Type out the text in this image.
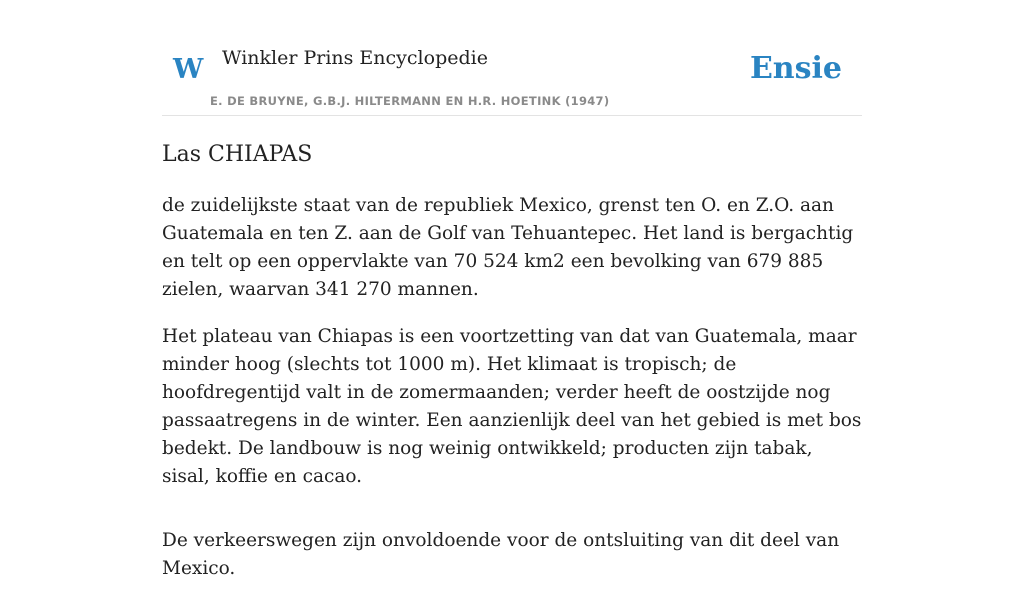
W Winkler Prins Encyclopedie
E. DE BRUYNE, G.B.J. HILTERMANN EN H.R. HOETINK (1947)
Ensie
Las CHIAPAS

de zuidelijkste staat van de republiek Mexico, grenst ten O. en Z.O. aan Guatemala en ten Z. aan de Golf van Tehuantepec. Het land is bergachtig en telt op een oppervlakte van 70 524 km2 een bevolking van 679 885 zielen, waarvan 341 270 mannen.

Het plateau van Chiapas is een voortzetting van dat van Guatemala, maar minder hoog (slechts tot 1000 m). Het klimaat is tropisch; de hoofdregentijd valt in de zomermaanden; verder heeft de oostzijde nog passaatregens in de winter. Een aanzienlijk deel van het gebied is met bos bedekt. De landbouw is nog weinig ontwikkeld; producten zijn tabak, sisal, koffie en cacao.

De verkeerswegen zijn onvoldoende voor de ontsluiting van dit deel van Mexico.
